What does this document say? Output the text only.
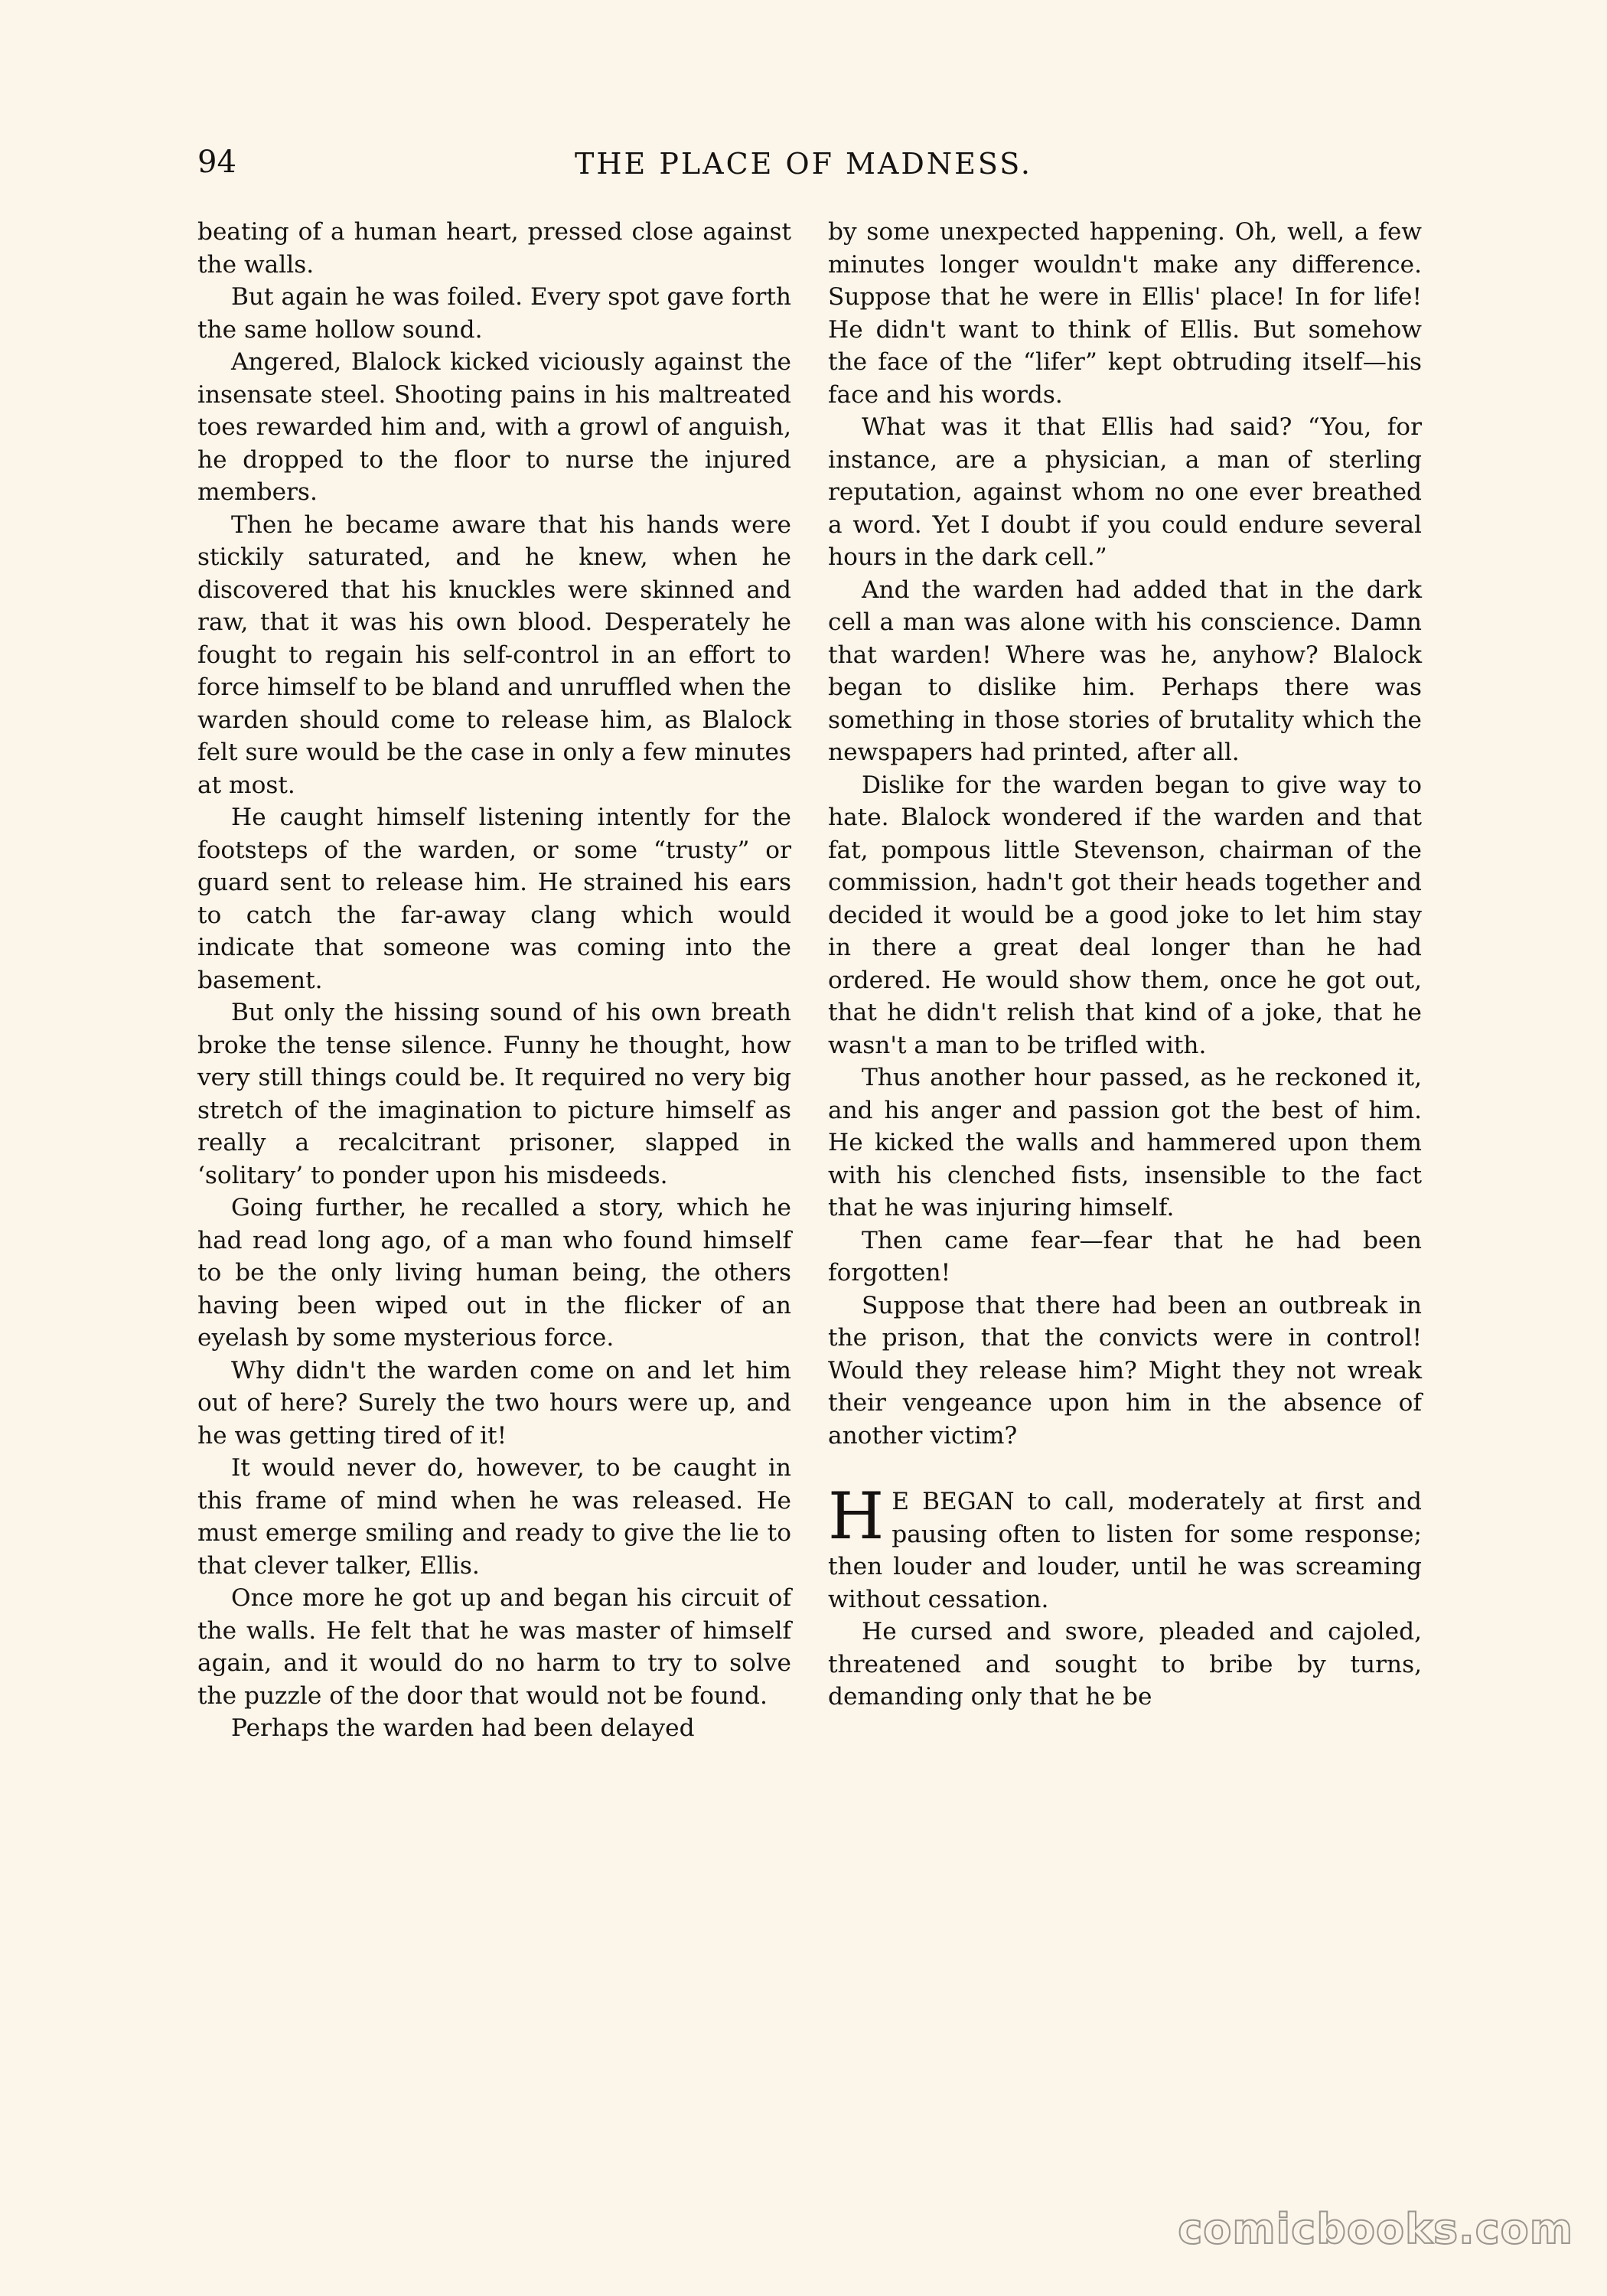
94	THE PLACE OF MADNESS.

beating of a human heart, pressed close against the walls.

But again he was foiled. Every spot gave forth the same hollow sound.

Angered, Blalock kicked viciously against the insensate steel. Shooting pains in his maltreated toes rewarded him and, with a growl of anguish, he dropped to the floor to nurse the injured members.

Then he became aware that his hands were stickily saturated, and he knew, when he discovered that his knuckles were skinned and raw, that it was his own blood. Desperately he fought to regain his self-control in an effort to force himself to be bland and unruffled when the warden should come to release him, as Blalock felt sure would be the case in only a few minutes at most.

He caught himself listening intently for the footsteps of the warden, or some “trusty” or guard sent to release him. He strained his ears to catch the far-away clang which would indicate that someone was coming into the basement.

But only the hissing sound of his own breath broke the tense silence. Funny he thought, how very still things could be. It required no very big stretch of the imagination to picture himself as really a recalcitrant prisoner, slapped in ‘solitary’ to ponder upon his misdeeds.

Going further, he recalled a story, which he had read long ago, of a man who found himself to be the only living human being, the others having been wiped out in the flicker of an eyelash by some mysterious force.

Why didn't the warden come on and let him out of here? Surely the two hours were up, and he was getting tired of it!

It would never do, however, to be caught in this frame of mind when he was released. He must emerge smiling and ready to give the lie to that clever talker, Ellis.

Once more he got up and began his circuit of the walls. He felt that he was master of himself again, and it would do no harm to try to solve the puzzle of the door that would not be found.

Perhaps the warden had been delayed

by some unexpected happening. Oh, well, a few minutes longer wouldn't make any difference. Suppose that he were in Ellis' place! In for life! He didn't want to think of Ellis. But somehow the face of the “lifer” kept obtruding itself—his face and his words.

What was it that Ellis had said? “You, for instance, are a physician, a man of sterling reputation, against whom no one ever breathed a word. Yet I doubt if you could endure several hours in the dark cell.”

And the warden had added that in the dark cell a man was alone with his conscience. Damn that warden! Where was he, anyhow? Blalock began to dislike him. Perhaps there was something in those stories of brutality which the newspapers had printed, after all.

Dislike for the warden began to give way to hate. Blalock wondered if the warden and that fat, pompous little Stevenson, chairman of the commission, hadn't got their heads together and decided it would be a good joke to let him stay in there a great deal longer than he had ordered. He would show them, once he got out, that he didn't relish that kind of a joke, that he wasn't a man to be trifled with.

Thus another hour passed, as he reckoned it, and his anger and passion got the best of him. He kicked the walls and hammered upon them with his clenched fists, insensible to the fact that he was injuring himself.

Then came fear—fear that he had been forgotten!

Suppose that there had been an outbreak in the prison, that the convicts were in control! Would they release him? Might they not wreak their vengeance upon him in the absence of another victim?

H E BEGAN to call, moderately at first and pausing often to listen for some response; then louder and louder, until he was screaming without cessation.

He cursed and swore, pleaded and cajoled, threatened and sought to bribe by turns, demanding only that he be

comicbooks.com
